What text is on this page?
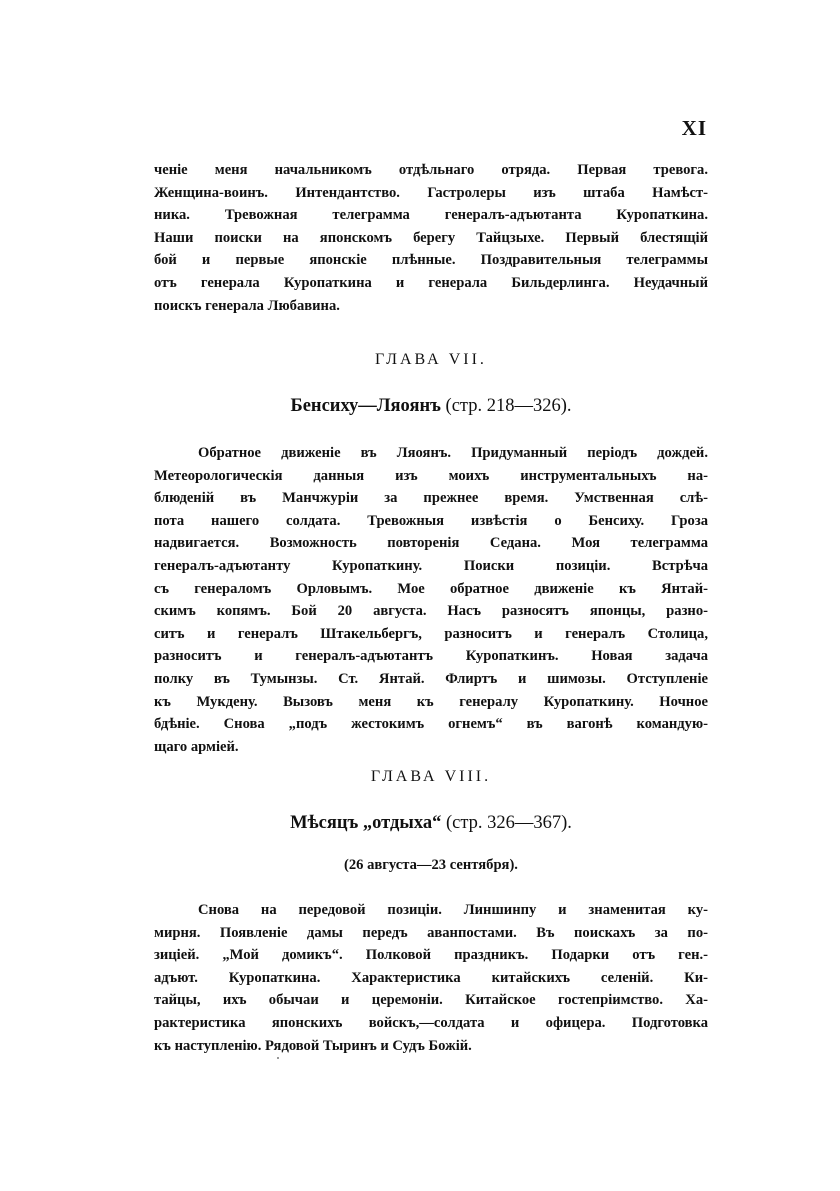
XI

ченіе меня начальникомъ отдѣльнаго отряда. Первая тревога.
Женщина-воинъ. Интендантство. Гастролеры изъ штаба Намѣст-
ника. Тревожная телеграмма генералъ-адъютанта Куропаткина.
Наши поиски на японскомъ берегу Тайцзыхе. Первый блестящій
бой и первые японскіе плѣнные. Поздравительныя телеграммы
отъ генерала Куропаткина и генерала Бильдерлинга. Неудачный
поискъ генерала Любавина.

ГЛАВА VII.
Бенсиху—Ляоянъ (стр. 218—326).

Обратное движеніе въ Ляоянъ. Придуманный періодъ дождей.
Метеорологическія данныя изъ моихъ инструментальныхъ на-
блюденій въ Манчжуріи за прежнее время. Умственная слѣ-
пота нашего солдата. Тревожныя извѣстія о Бенсиху. Гроза
надвигается. Возможность повторенія Седана. Моя телеграмма
генералъ-адъютанту Куропаткину. Поиски позиціи. Встрѣча
съ генераломъ Орловымъ. Мое обратное движеніе къ Янтай-
скимъ копямъ. Бой 20 августа. Насъ разносятъ японцы, разно-
ситъ и генералъ Штакельбергъ, разноситъ и генералъ Столица,
разноситъ и генералъ-адъютантъ Куропаткинъ. Новая задача
полку въ Тумынзы. Ст. Янтай. Флиртъ и шимозы. Отступленіе
къ Мукдену. Вызовъ меня къ генералу Куропаткину. Ночное
бдѣніе. Снова „подъ жестокимъ огнемъ“ въ вагонѣ командую-
щаго арміей.

ГЛАВА VIII.
Мѣсяцъ „отдыха“ (стр. 326—367).
(26 августа—23 сентября).

Снова на передовой позиціи. Линшинпу и знаменитая ку-
мирня. Появленіе дамы передъ аванпостами. Въ поискахъ за по-
зиціей. „Мой домикъ“. Полковой праздникъ. Подарки отъ ген.-
адъют. Куропаткина. Характеристика китайскихъ селеній. Ки-
тайцы, ихъ обычаи и церемоніи. Китайское гостепріимство. Ха-
рактеристика японскихъ войскъ,—солдата и офицера. Подготовка
къ наступленію. Рядовой Тыринъ и Судъ Божій.
